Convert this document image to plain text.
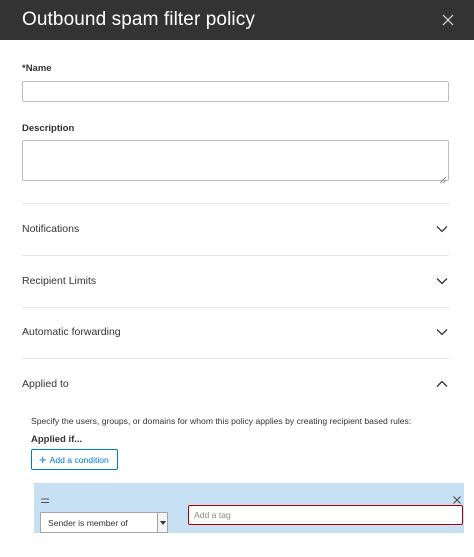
Outbound spam filter policy
*Name
Description
Notifications
Recipient Limits
Automatic forwarding
Applied to
Specify the users, groups, or domains for whom this policy applies by creating recipient based rules:
Applied if...
+ Add a condition
Sender is member of
Add a tag
